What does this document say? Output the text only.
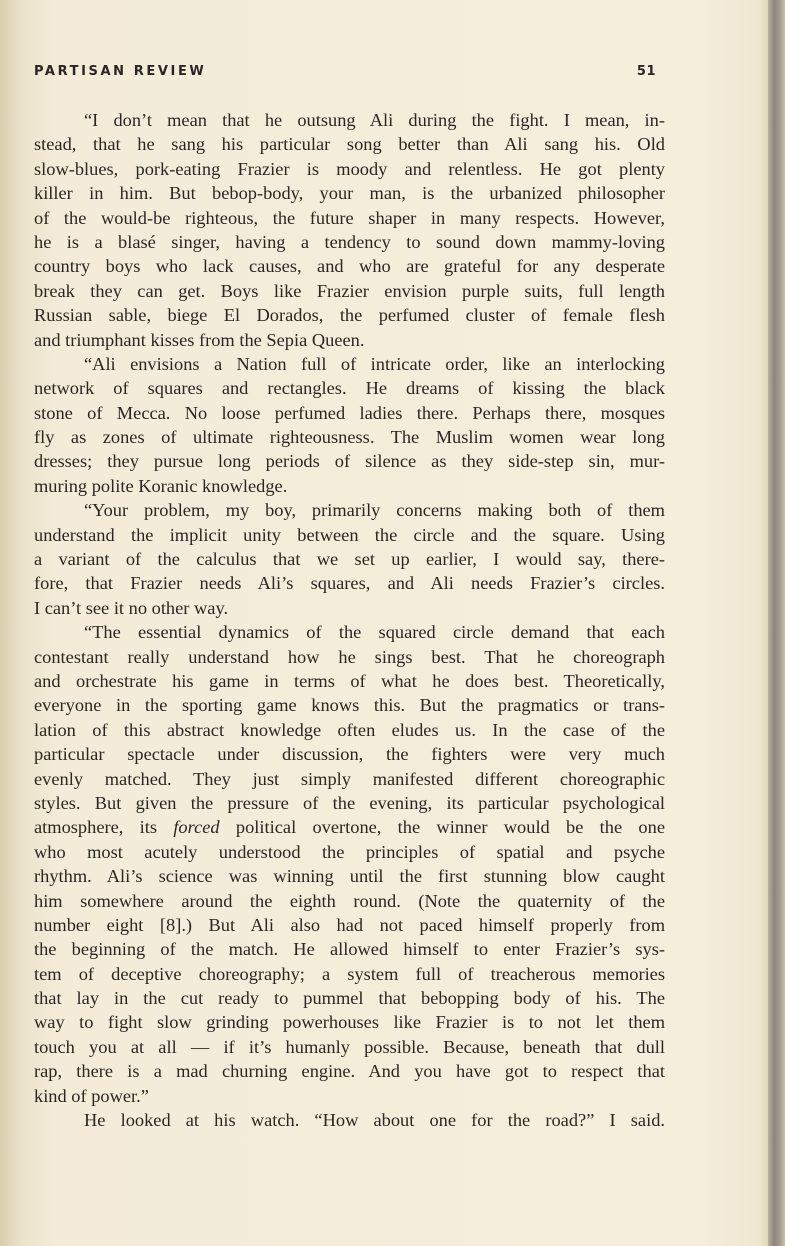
PARTISAN REVIEW	51
“I don’t mean that he outsung Ali during the fight. I mean, in-
stead, that he sang his particular song better than Ali sang his. Old
slow-blues, pork-eating Frazier is moody and relentless. He got plenty
killer in him. But bebop-body, your man, is the urbanized philosopher
of the would-be righteous, the future shaper in many respects. However,
he is a blasé singer, having a tendency to sound down mammy-loving
country boys who lack causes, and who are grateful for any desperate
break they can get. Boys like Frazier envision purple suits, full length
Russian sable, biege El Dorados, the perfumed cluster of female flesh
and triumphant kisses from the Sepia Queen.
“Ali envisions a Nation full of intricate order, like an interlocking
network of squares and rectangles. He dreams of kissing the black
stone of Mecca. No loose perfumed ladies there. Perhaps there, mosques
fly as zones of ultimate righteousness. The Muslim women wear long
dresses; they pursue long periods of silence as they side-step sin, mur-
muring polite Koranic knowledge.
“Your problem, my boy, primarily concerns making both of them
understand the implicit unity between the circle and the square. Using
a variant of the calculus that we set up earlier, I would say, there-
fore, that Frazier needs Ali’s squares, and Ali needs Frazier’s circles.
I can’t see it no other way.
“The essential dynamics of the squared circle demand that each
contestant really understand how he sings best. That he choreograph
and orchestrate his game in terms of what he does best. Theoretically,
everyone in the sporting game knows this. But the pragmatics or trans-
lation of this abstract knowledge often eludes us. In the case of the
particular spectacle under discussion, the fighters were very much
evenly matched. They just simply manifested different choreographic
styles. But given the pressure of the evening, its particular psychological
atmosphere, its forced political overtone, the winner would be the one
who most acutely understood the principles of spatial and psyche
rhythm. Ali’s science was winning until the first stunning blow caught
him somewhere around the eighth round. (Note the quaternity of the
number eight [8].) But Ali also had not paced himself properly from
the beginning of the match. He allowed himself to enter Frazier’s sys-
tem of deceptive choreography; a system full of treacherous memories
that lay in the cut ready to pummel that bebopping body of his. The
way to fight slow grinding powerhouses like Frazier is to not let them
touch you at all — if it’s humanly possible. Because, beneath that dull
rap, there is a mad churning engine. And you have got to respect that
kind of power.”
He looked at his watch. “How about one for the road?” I said.
